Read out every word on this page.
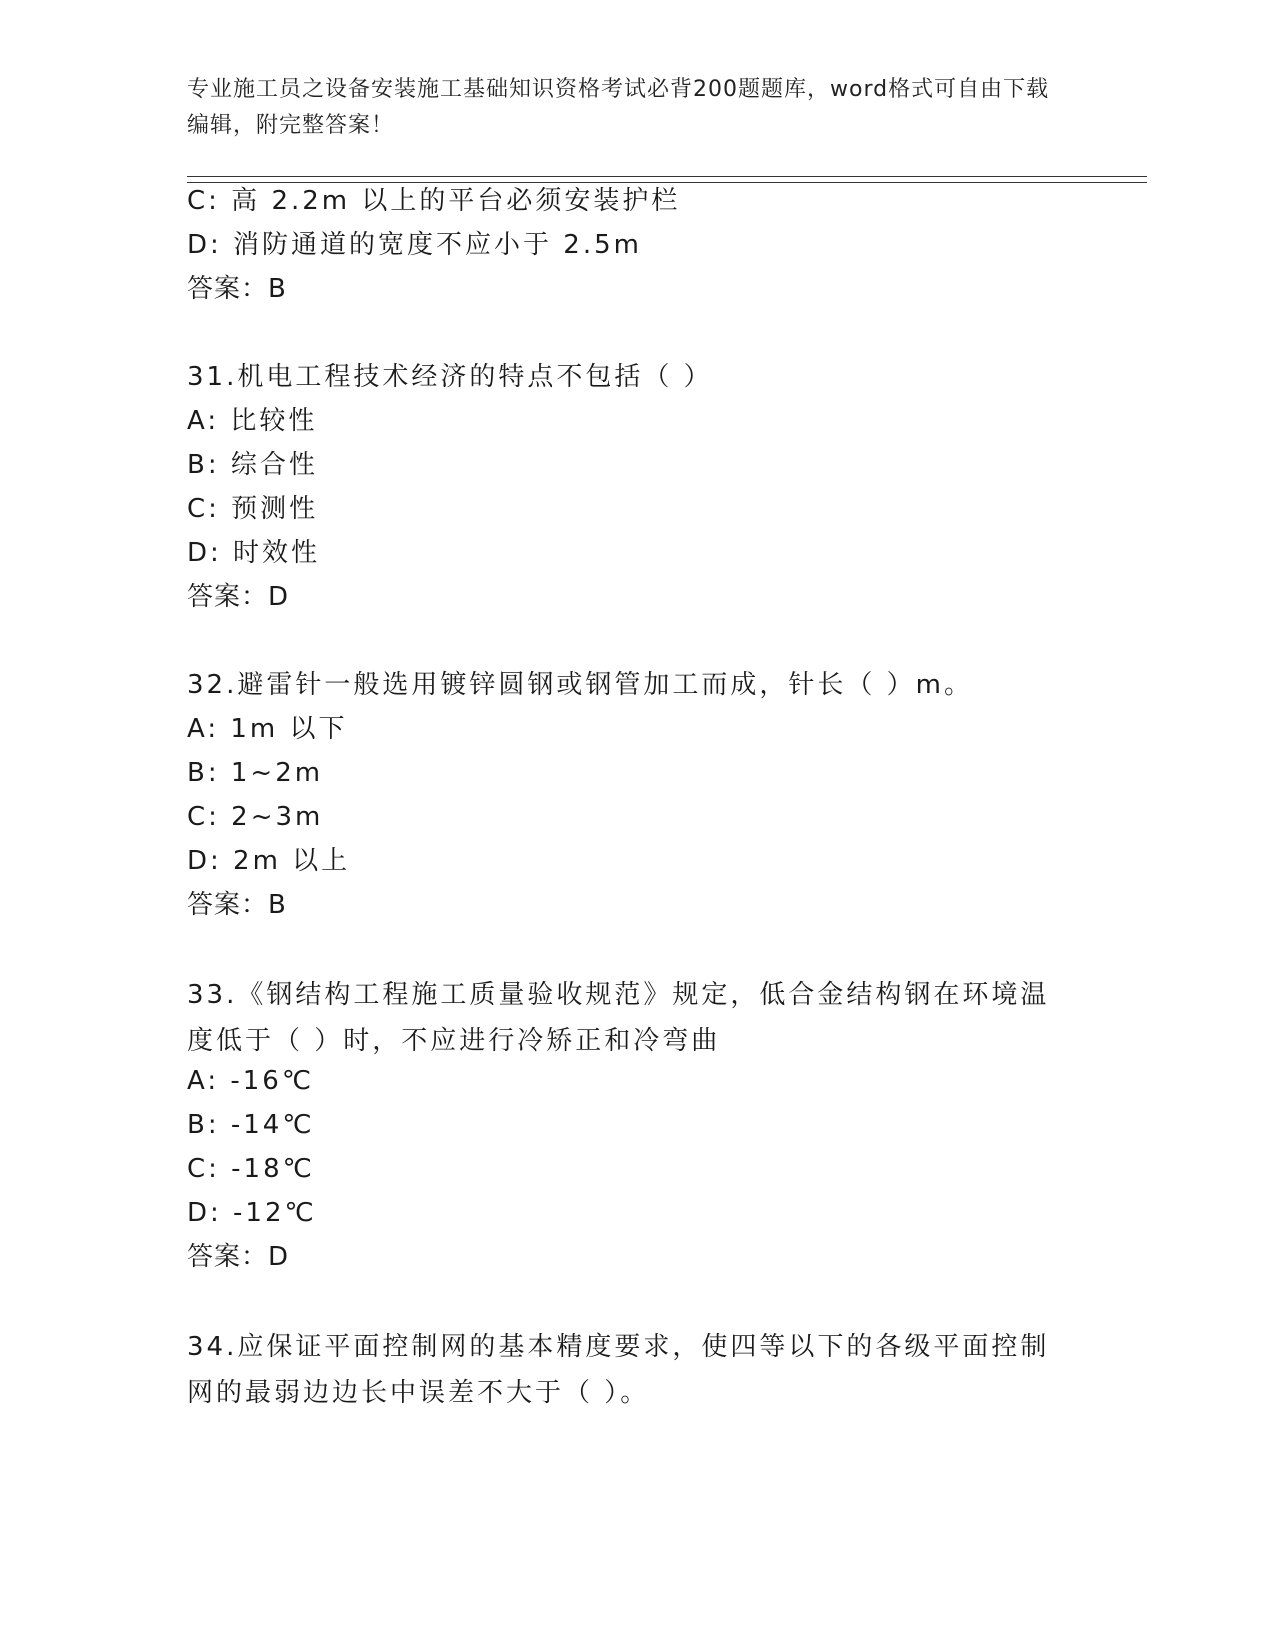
专业施工员之设备安装施工基础知识资格考试必背200题题库，word格式可自由下载编辑，附完整答案！
C: 高 2.2m 以上的平台必须安装护栏
D: 消防通道的宽度不应小于 2.5m
答案：B
31.机电工程技术经济的特点不包括（ ）
A: 比较性
B: 综合性
C: 预测性
D: 时效性
答案：D
32.避雷针一般选用镀锌圆钢或钢管加工而成，针长（ ）m。
A: 1m 以下
B: 1~2m
C: 2~3m
D: 2m 以上
答案：B
33.《钢结构工程施工质量验收规范》规定，低合金结构钢在环境温度低于（ ）时，不应进行冷矫正和冷弯曲
A: -16℃
B: -14℃
C: -18℃
D: -12℃
答案：D
34.应保证平面控制网的基本精度要求，使四等以下的各级平面控制网的最弱边边长中误差不大于（ ）。
